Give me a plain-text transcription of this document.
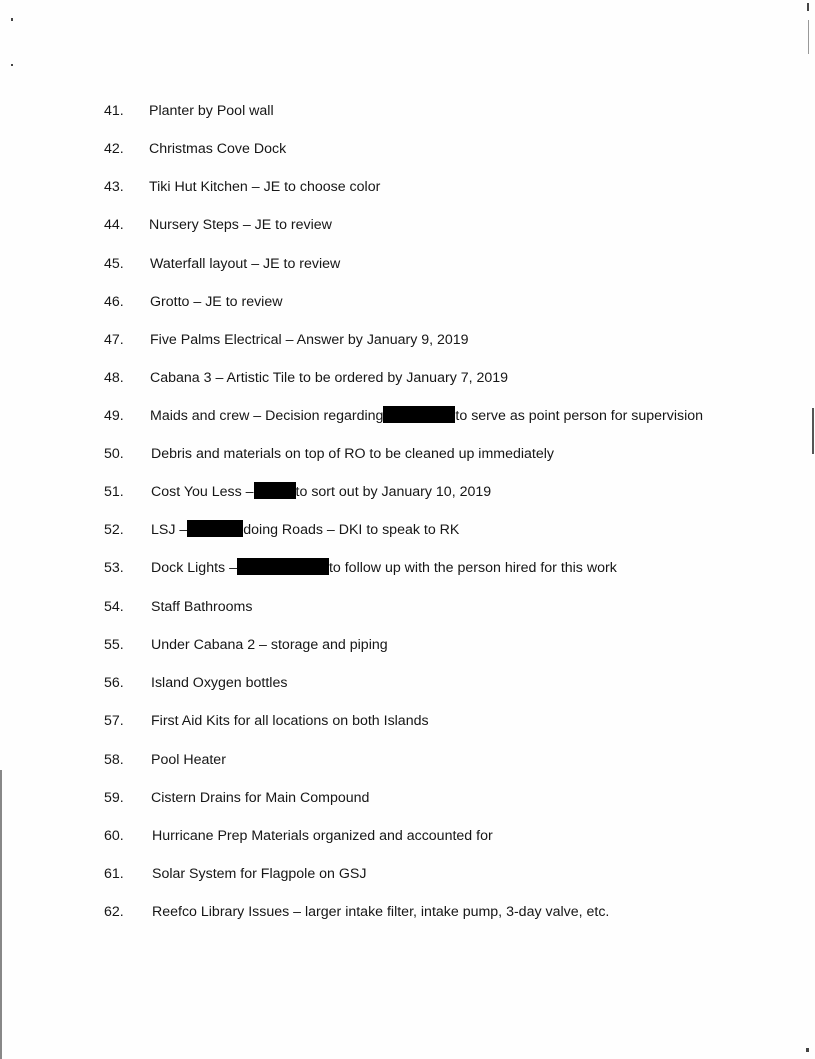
41.	Planter by Pool wall
42.	Christmas Cove Dock
43.	Tiki Hut Kitchen – JE to choose color
44.	Nursery Steps – JE to review
45.	Waterfall layout – JE to review
46.	Grotto – JE to review
47.	Five Palms Electrical – Answer by January 9, 2019
48.	Cabana 3 – Artistic Tile to be ordered by January 7, 2019
49.	Maids and crew – Decision regarding	to serve as point person for supervision
50.	Debris and materials on top of RO to be cleaned up immediately
51.	Cost You Less –	to sort out by January 10, 2019
52.	LSJ –	doing Roads – DKI to speak to RK
53.	Dock Lights –	to follow up with the person hired for this work
54.	Staff Bathrooms
55.	Under Cabana 2 – storage and piping
56.	Island Oxygen bottles
57.	First Aid Kits for all locations on both Islands
58.	Pool Heater
59.	Cistern Drains for Main Compound
60.	Hurricane Prep Materials organized and accounted for
61.	Solar System for Flagpole on GSJ
62.	Reefco Library Issues – larger intake filter, intake pump, 3-day valve, etc.
